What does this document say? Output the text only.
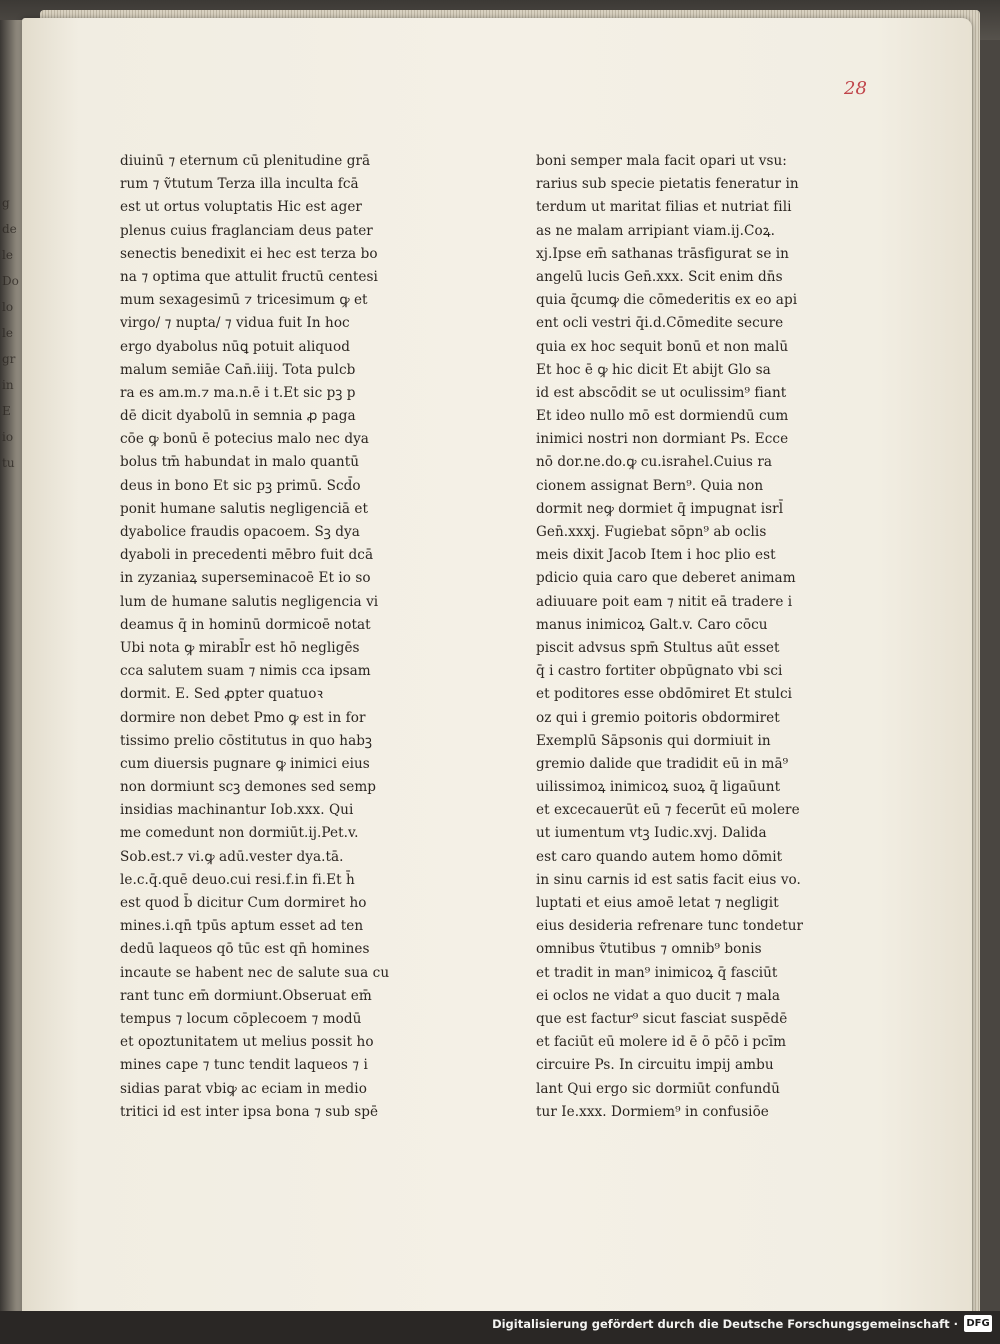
g
de
le
Do
lo
le
gr
in
E
io
tu
28
diuinū ⁊ eternum cū plenitudine grā
rum ⁊ ṽtutum Terza illa inculta fcā
est ut ortus voluptatis Hic est ager
plenus cuius fraglanciam deus pater
senectis benedixit ei hec est terza bo
na ⁊ optima que attulit fructū centesi
mum sexagesimū ⁊ tricesimum ꝙ et
virgo/ ⁊ nupta/ ⁊ vidua fuit In hoc
ergo dyabolus nūꝗ potuit aliquod
malum semiāe Can̄.iiij. Tota pulcb
ra es am.m.⁊ ma.n.ē i t.Et sic pꝫ p
dē dicit dyabolū in semnia ꝓ paga
cōe ꝙ bonū ē potecius malo nec dya
bolus tm̄ habundat in malo quantū
deus in bono Et sic pꝫ primū. Scd̄o
ponit humane salutis negligenciā et
dyabolice fraudis opacoem. Sꝫ dya
dyaboli in precedenti mēbro fuit dcā
in zyzaniaꝝ superseminacoē Et io so
lum de humane salutis negligencia vi
deamus q̄ in hominū dormicoē notat
Ubi nota ꝙ mirabl̄r est hō negligēs
cca salutem suam ⁊ nimis cca ipsam
dormit. E. Sed ꝓpter quatuoꝛ
dormire non debet Pmo ꝙ est in for
tissimo prelio cōstitutus in quo habꝫ
cum diuersis pugnare ꝙ inimici eius
non dormiunt scꝫ demones sed semp
insidias machinantur Iob.xxx. Qui
me comedunt non dormiūt.ij.Pet.v.
Sob.est.⁊ vi.ꝙ adū.vester dya.tā.
le.c.q̄.quē deuo.cui resi.f.in fi.Et h̄
est quod b̄ dicitur Cum dormiret ho
mines.i.qn̄ tpūs aptum esset ad ten
dedū laqueos qō tūc est qn̄ homines
incaute se habent nec de salute sua cu
rant tunc em̄ dormiunt.Obseruat em̄
tempus ⁊ locum cōplecoem ⁊ modū
et opoztunitatem ut melius possit ho
mines cape ⁊ tunc tendit laqueos ⁊ i
sidias parat vbiꝙ ac eciam in medio
tritici id est inter ipsa bona ⁊ sub spē
boni semper mala facit opari ut vsu:
rarius sub specie pietatis feneratur in
terdum ut maritat filias et nutriat fili
as ne malam arripiant viam.ij.Coꝝ.
xj.Ipse em̄ sathanas trāsfigurat se in
angelū lucis Gen̄.xxx. Scit enim dn̄s
quia q̄cumꝙ die cōmederitis ex eo api
ent ocli vestri q̄i.d.Cōmedite secure
quia ex hoc sequit bonū et non malū
Et hoc ē ꝙ hic dicit Et abijt Glo sa
id est abscōdit se ut oculissim⁹ fiant
Et ideo nullo mō est dormiendū cum
inimici nostri non dormiant Ps. Ecce
nō dor.ne.do.ꝙ cu.israhel.Cuius ra
cionem assignat Bern⁹. Quia non
dormit neꝙ dormiet q̄ impugnat isrl̄
Gen̄.xxxj. Fugiebat sōpn⁹ ab oclis
meis dixit Jacob Item i hoc plio est
pdicio quia caro que deberet animam
adiuuare poit eam ⁊ nitit eā tradere i
manus inimicoꝝ Galt.v. Caro cōcu
piscit advsus spm̄ Stultus aūt esset
q̄ i castro fortiter obpūgnato vbi sci
et poditores esse obdōmiret Et stulci
oz qui i gremio poitoris obdormiret
Exemplū Sāpsonis qui dormiuit in
gremio dalide que tradidit eū in mā⁹
uilissimoꝝ inimicoꝝ suoꝝ q̄ ligaūunt
et excecauerūt eū ⁊ fecerūt eū molere
ut iumentum vtꝫ Iudic.xvj. Dalida
est caro quando autem homo dōmit
in sinu carnis id est satis facit eius vo.
luptati et eius amoē letat ⁊ negligit
eius desideria refrenare tunc tondetur
omnibus ṽtutibus ⁊ omnib⁹ bonis
et tradit in man⁹ inimicoꝝ q̄ fasciūt
ei oclos ne vidat a quo ducit ⁊ mala
que est factur⁹ sicut fasciat suspēdē
et faciūt eū molere id ē ō pc̄ō i pcīm
circuire Ps. In circuitu impij ambu
lant Qui ergo sic dormiūt confundū
tur Ie.xxx. Dormiem⁹ in confusiōe
Digitalisierung gefördert durch die Deutsche Forschungsgemeinschaft · DFG
